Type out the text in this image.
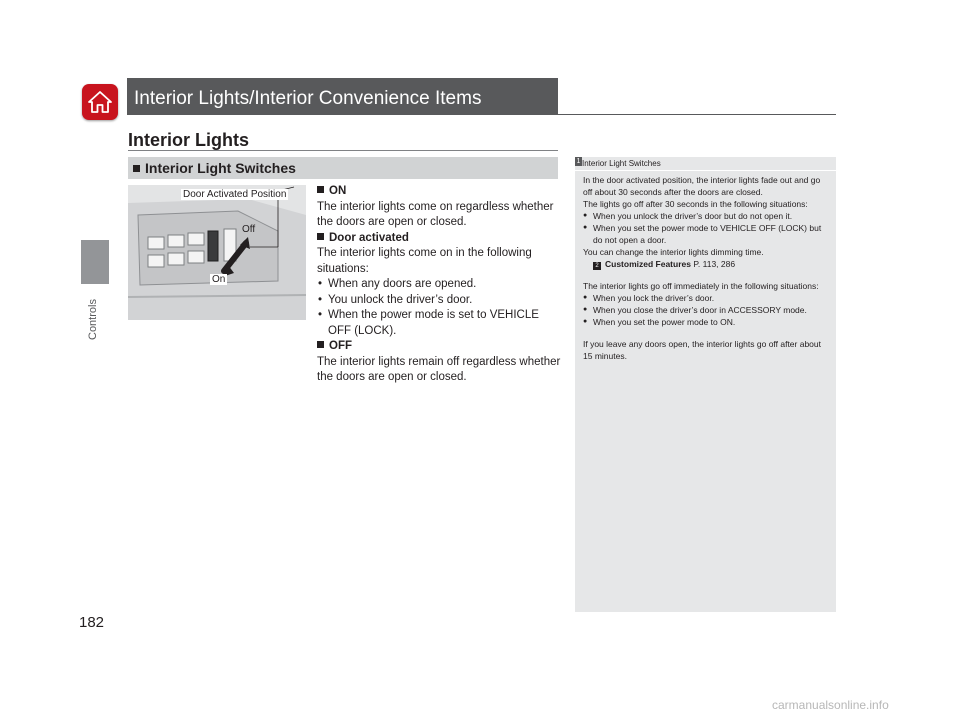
Interior Lights/Interior Convenience Items
Controls
182
Interior Lights
Interior Light Switches
Door Activated Position
Off
On

ON

The interior lights come on regardless whether the doors are open or closed.

Door activated

The interior lights come on in the following situations:

• When any doors are opened.

• You unlock the driver’s door.

• When the power mode is set to VEHICLE OFF (LOCK).

OFF

The interior lights remain off regardless whether the doors are open or closed.

1 Interior Light Switches

In the door activated position, the interior lights fade out and go off about 30 seconds after the doors are closed.

The lights go off after 30 seconds in the following situations:

● When you unlock the driver’s door but do not open it.

● When you set the power mode to VEHICLE OFF (LOCK) but do not open a door.

You can change the interior lights dimming time.

2 Customized Features P. 113, 286

The interior lights go off immediately in the following situations:

● When you lock the driver’s door.

● When you close the driver’s door in ACCESSORY mode.

● When you set the power mode to ON.

If you leave any doors open, the interior lights go off after about 15 minutes.

carmanualsonline.info
